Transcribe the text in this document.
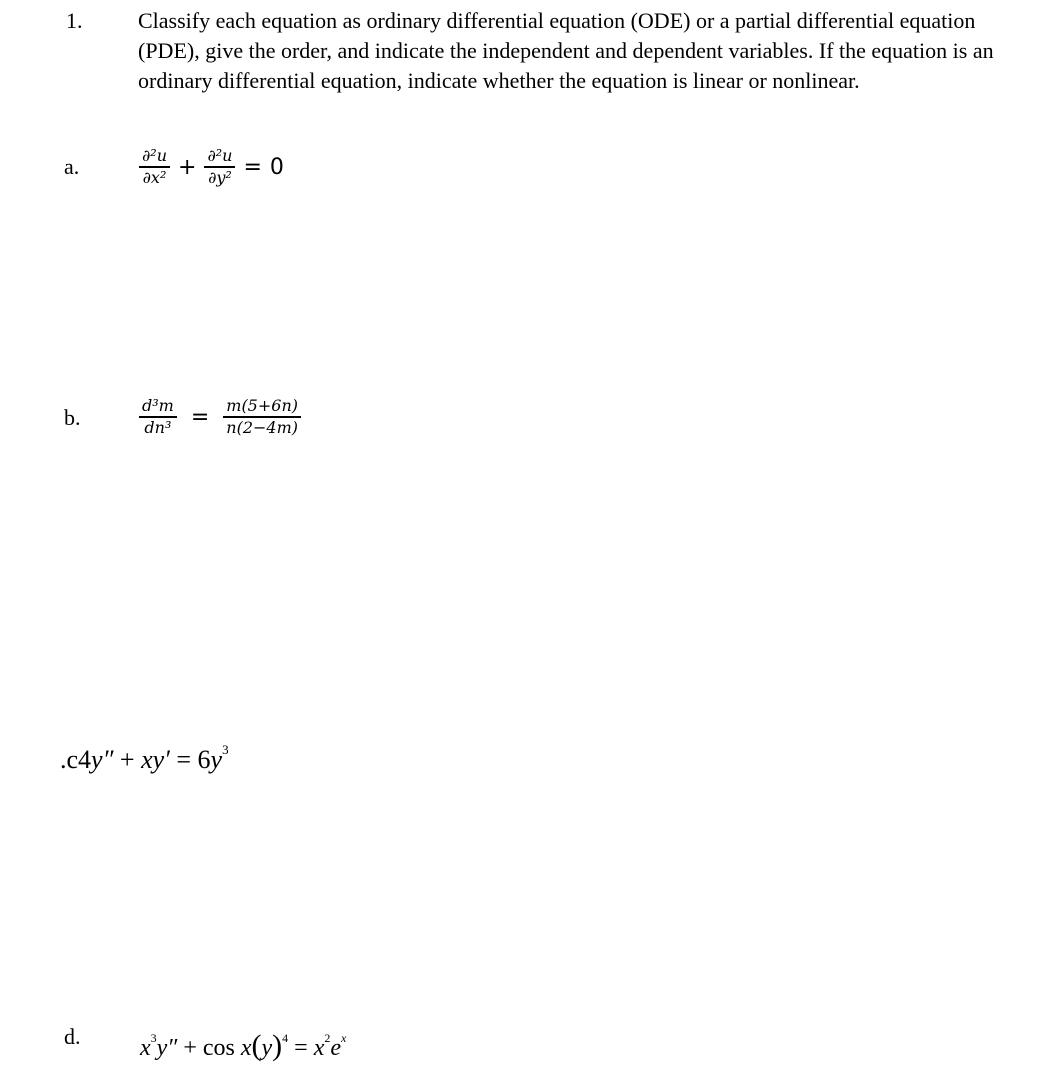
1.	Classify each equation as ordinary differential equation (ODE) or a partial differential equation (PDE), give the order, and indicate the independent and dependent variables. If the equation is an ordinary differential equation, indicate whether the equation is linear or nonlinear.
a.	$\frac{\text{∂²u}}{\text{∂x²}} + \frac{\text{∂²u}}{\text{∂y²}} = 0$
b.	$\frac{\text{d³m}}{\text{dn³}} = \frac{m(5+6n)}{n(2-4m)}$
$.c4y'' + xy' = 6y^3$
d. $x^3y'' + \cos x(y)^4 = x^2e^x$
